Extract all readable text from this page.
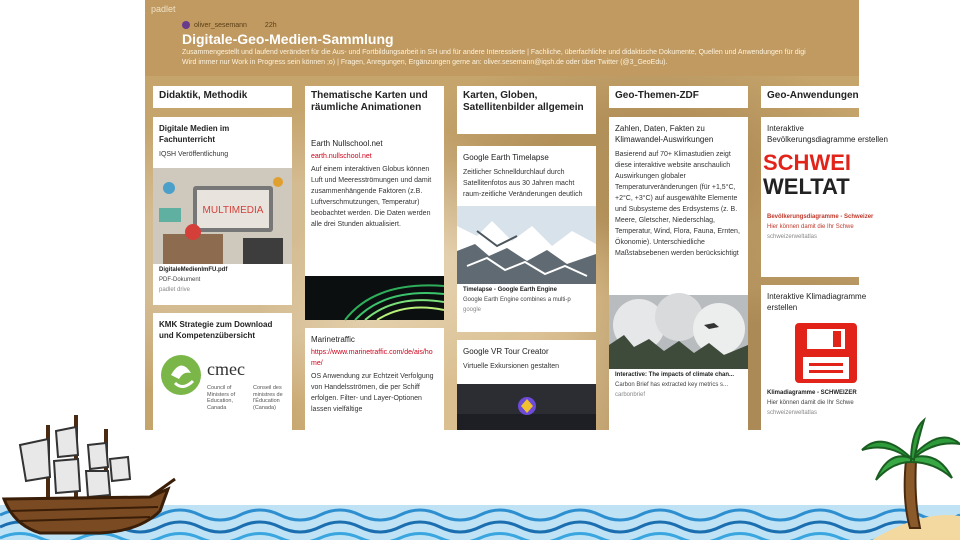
padlet
oliver_sesemann	22h
Digitale-Geo-Medien-Sammlung
Zusammengestellt und laufend verändert für die Aus- und Fortbildungsarbeit in SH und für andere Interessierte | Fachliche, überfachliche und didaktische Dokumente, Quellen und Anwendungen für digi
Wird immer nur Work in Progress sein können ;o) | Fragen, Anregungen, Ergänzungen gerne an: oliver.sesemann@iqsh.de oder über Twitter (@3_GeoEdu).
Didaktik, Methodik
Digitale Medien im Fachunterricht
IQSH Veröffentlichung
MULTIMEDIA
DigitaleMedienImFU.pdf
PDF-Dokument
padlet drive
KMK Strategie zum Download und Kompetenzübersicht
cmec
Council of Ministers of Education, Canada
Conseil des ministres de l'Éducation (Canada)
Thematische Karten und räumliche Animationen
Earth Nullschool.net
earth.nullschool.net
Auf einem interaktiven Globus können Luft und Meeresströmungen und damit zusammenhängende Faktoren (z.B. Luftverschmutzungen, Temperatur) beobachtet werden. Die Daten werden alle drei Stunden aktualisiert.
Marinetraffic
https://www.marinetraffic.com/de/ais/home/
OS Anwendung zur Echtzeit Verfolgung von Handelsströmen, die per Schiff erfolgen. Filter- und Layer-Optionen lassen vielfältige
Karten, Globen, Satellitenbilder allgemein
Google Earth Timelapse
Zeitlicher Schnelldurchlauf durch Satellitenfotos aus 30 Jahren macht raum-zeitliche Veränderungen deutlich
Timelapse - Google Earth Engine
Google Earth Engine combines a multi-p
google
Google VR Tour Creator
Virtuelle Exkursionen gestalten
Geo-Themen-ZDF
Zahlen, Daten, Fakten zu Klimawandel-Auswirkungen
Basierend auf 70+ Klimastudien zeigt diese interaktive website anschaulich Auswirkungen globaler Temperaturveränderungen (für +1,5°C, +2°C, +3°C) auf ausgewählte Elemente und Subsysteme des Erdsystems (z. B. Meere, Gletscher, Niederschlag, Temperatur, Wind, Flora, Fauna, Ernten, Ökonomie). Unterschiedliche Maßstabsebenen werden berücksichtigt
Interactive: The impacts of climate chan...
Carbon Brief has extracted key metrics s...
carbonbrief
Geo-Anwendungen
Interaktive Bevölkerungsdiagramme erstellen
SCHWEI
WELTAT
Bevölkerungsdiagramme - Schweizer
Hier können damit die Ihr Schwe
schweizerweltatlas
Interaktive Klimadiagramme erstellen
Klimadiagramme - SCHWEIZER
Hier können damit die Ihr Schwe
schweizerweltatlas
